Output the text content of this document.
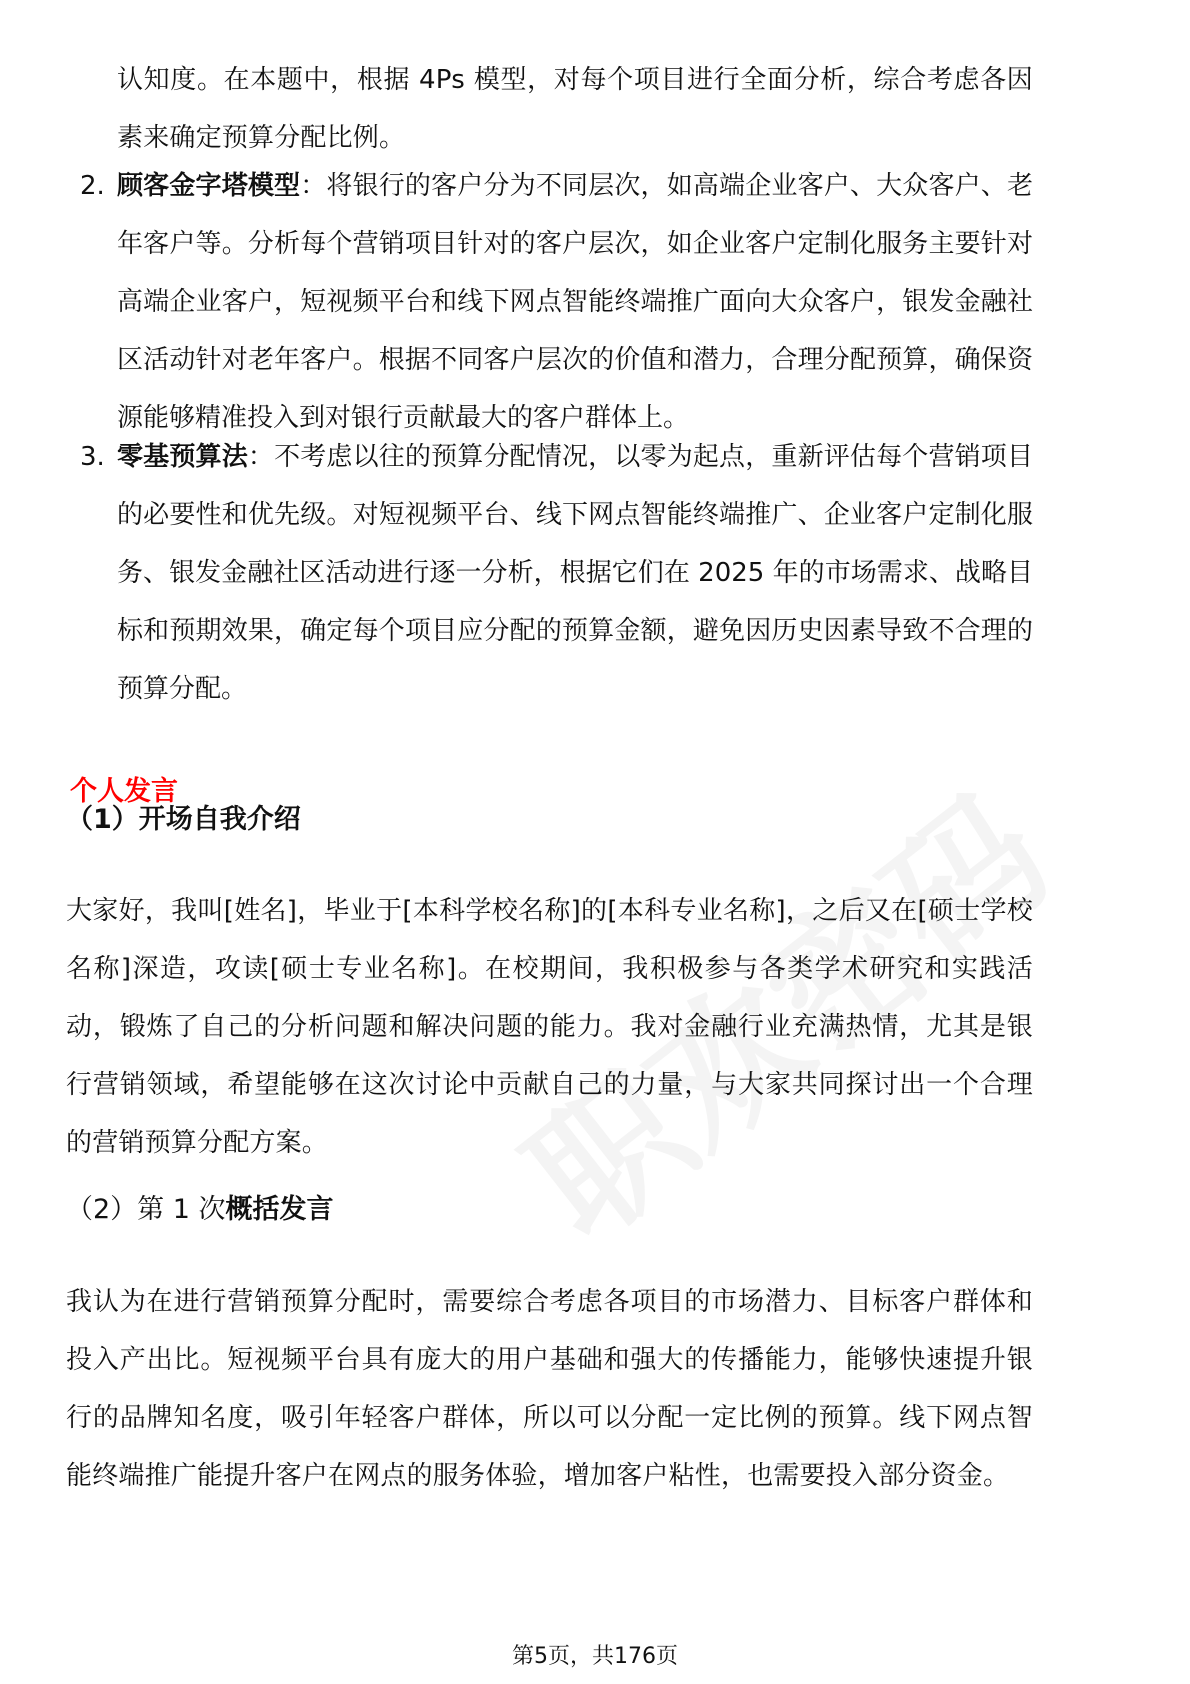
认知度。在本题中，根据 4Ps 模型，对每个项目进行全面分析，综合考虑各因素来确定预算分配比例。

2. 顾客金字塔模型：将银行的客户分为不同层次，如高端企业客户、大众客户、老年客户等。分析每个营销项目针对的客户层次，如企业客户定制化服务主要针对高端企业客户，短视频平台和线下网点智能终端推广面向大众客户，银发金融社区活动针对老年客户。根据不同客户层次的价值和潜力，合理分配预算，确保资源能够精准投入到对银行贡献最大的客户群体上。

3. 零基预算法：不考虑以往的预算分配情况，以零为起点，重新评估每个营销项目的必要性和优先级。对短视频平台、线下网点智能终端推广、企业客户定制化服务、银发金融社区活动进行逐一分析，根据它们在 2025 年的市场需求、战略目标和预期效果，确定每个项目应分配的预算金额，避免因历史因素导致不合理的预算分配。

个人发言
（1）开场自我介绍

大家好，我叫[姓名]，毕业于[本科学校名称]的[本科专业名称]，之后又在[硕士学校名称]深造，攻读[硕士专业名称]。在校期间，我积极参与各类学术研究和实践活动，锻炼了自己的分析问题和解决问题的能力。我对金融行业充满热情，尤其是银行营销领域，希望能够在这次讨论中贡献自己的力量，与大家共同探讨出一个合理的营销预算分配方案。

（2）第 1 次概括发言

我认为在进行营销预算分配时，需要综合考虑各项目的市场潜力、目标客户群体和投入产出比。短视频平台具有庞大的用户基础和强大的传播能力，能够快速提升银行的品牌知名度，吸引年轻客户群体，所以可以分配一定比例的预算。线下网点智能终端推广能提升客户在网点的服务体验，增加客户粘性，也需要投入部分资金。

第5页，共176页
